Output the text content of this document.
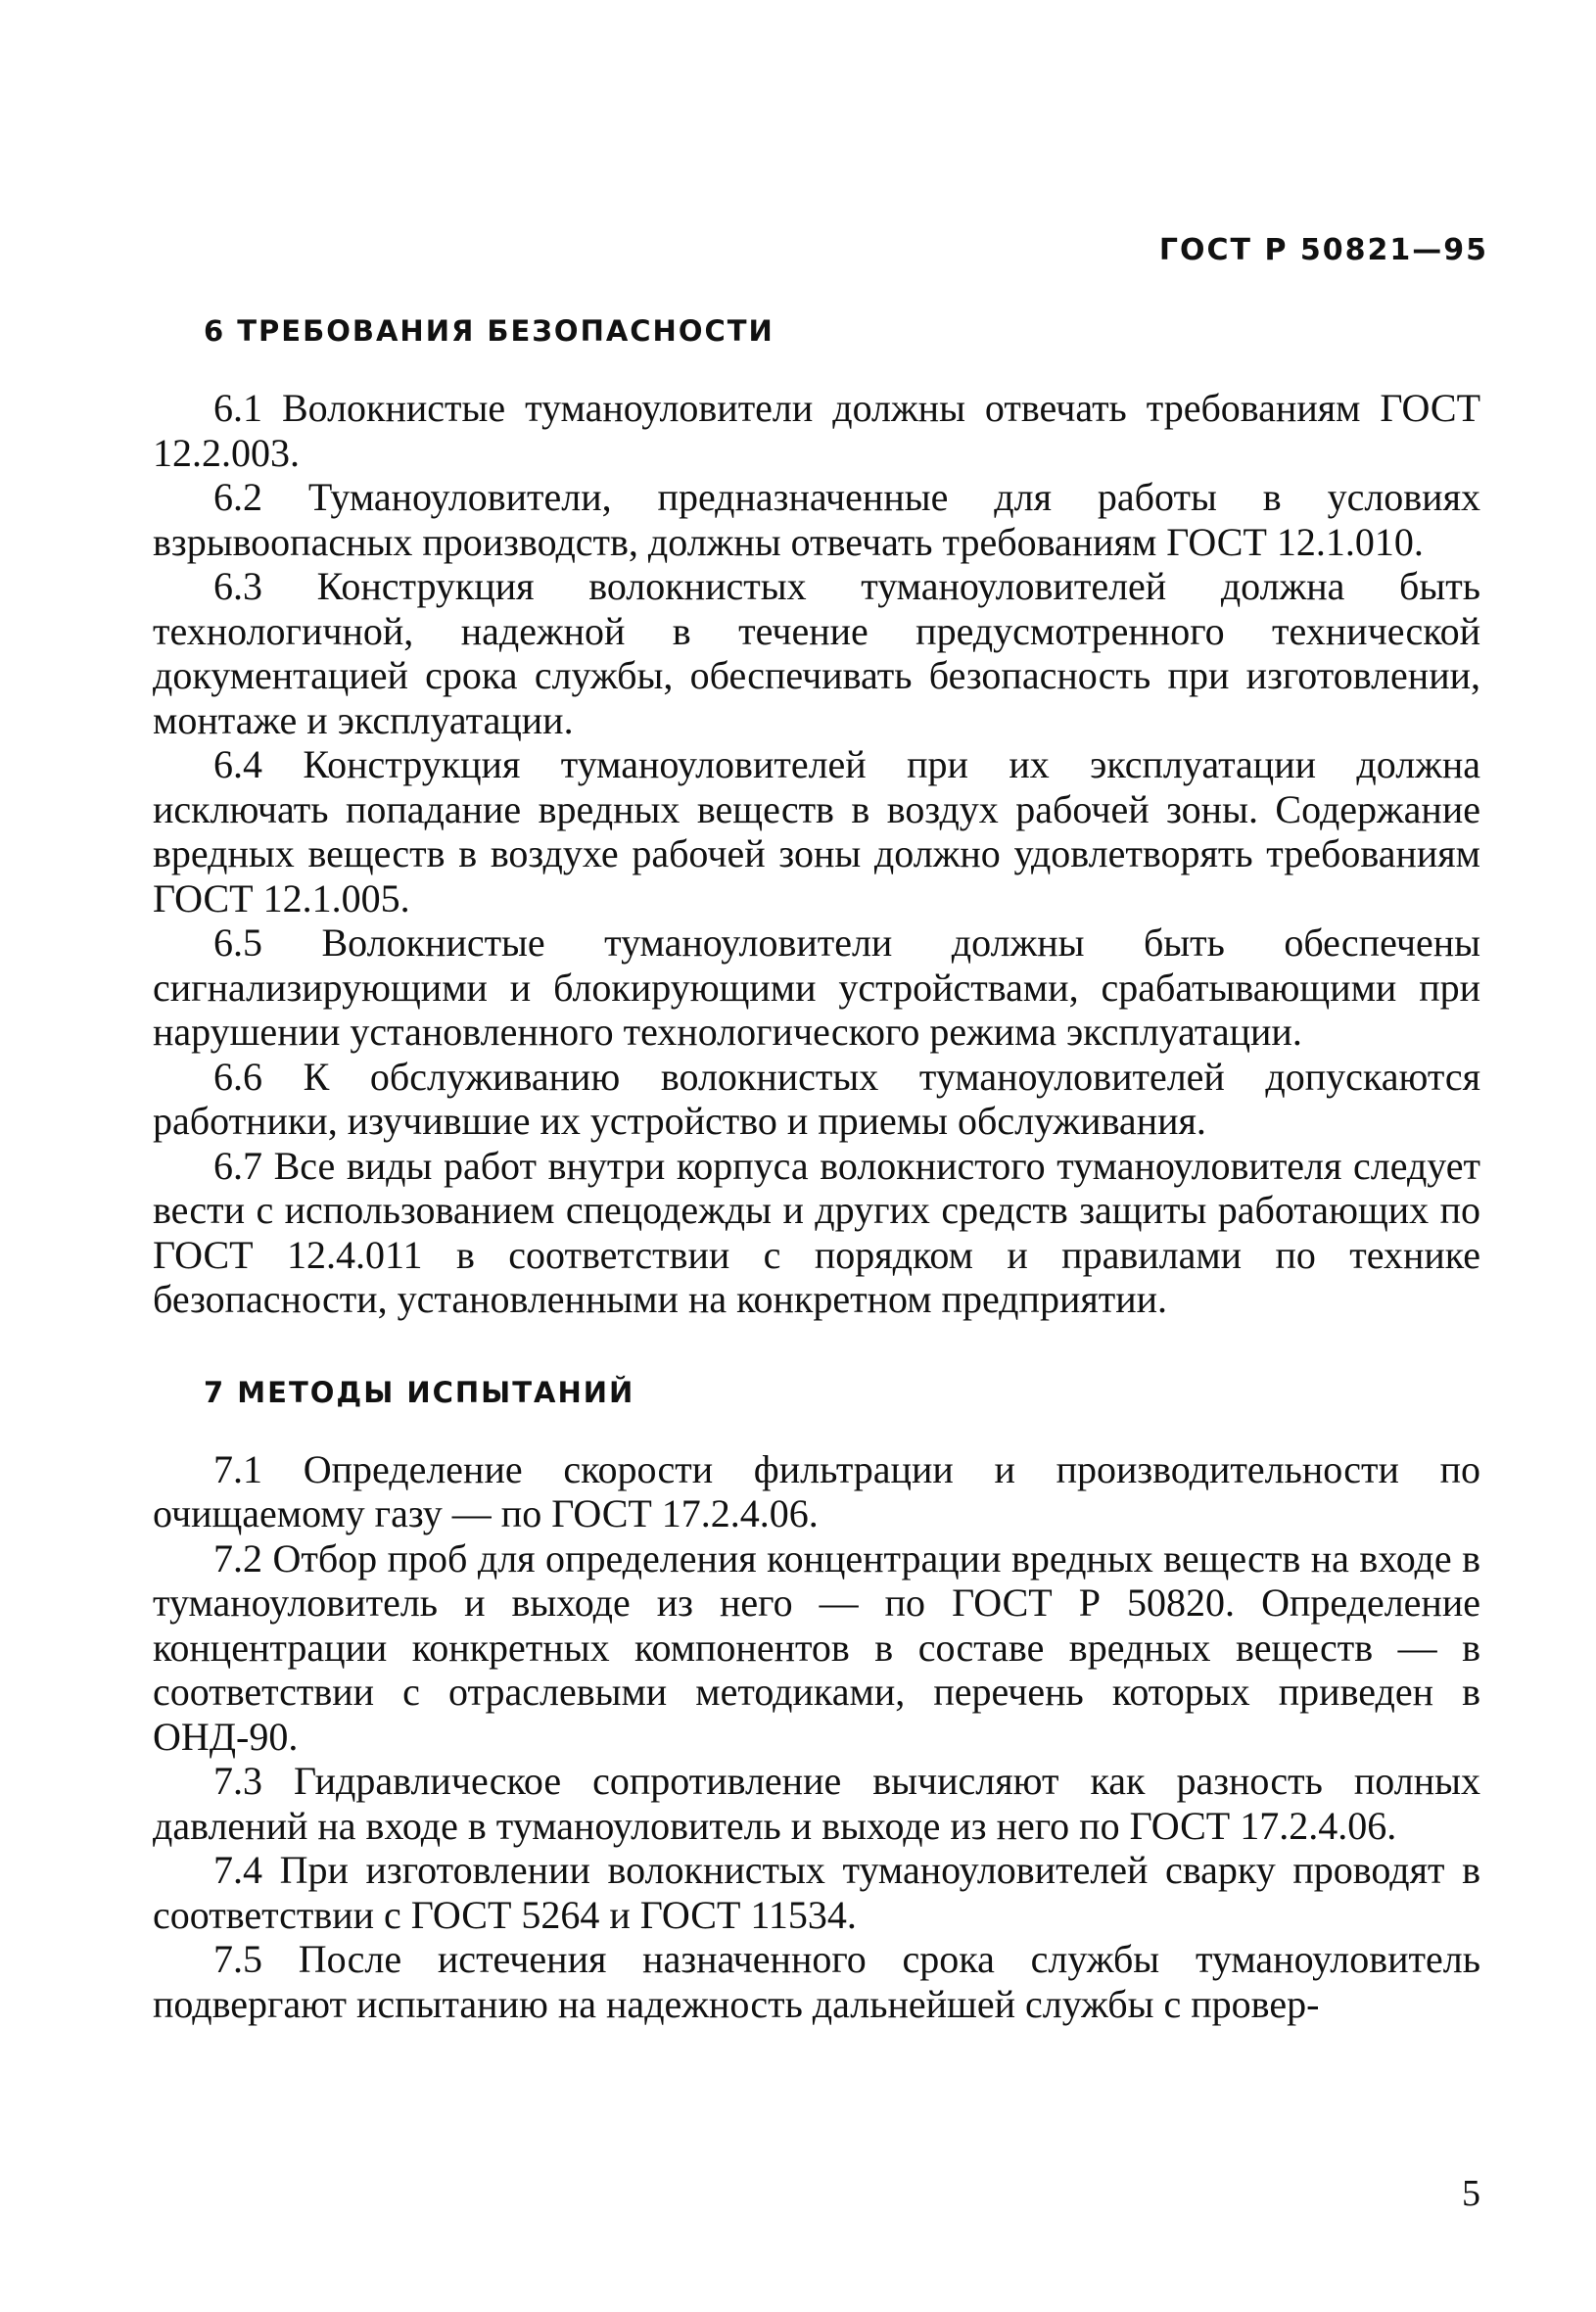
ГОСТ Р 50821—95
6 ТРЕБОВАНИЯ БЕЗОПАСНОСТИ

6.1 Волокнистые туманоуловители должны отвечать требованиям ГОСТ 12.2.003.

6.2 Туманоуловители, предназначенные для работы в условиях взрывоопасных производств, должны отвечать требованиям ГОСТ 12.1.010.

6.3 Конструкция волокнистых туманоуловителей должна быть технологичной, надежной в течение предусмотренного технической документацией срока службы, обеспечивать безопасность при изготовлении, монтаже и эксплуатации.

6.4 Конструкция туманоуловителей при их эксплуатации должна исключать попадание вредных веществ в воздух рабочей зоны. Содержание вредных веществ в воздухе рабочей зоны должно удовлетворять требованиям ГОСТ 12.1.005.

6.5 Волокнистые туманоуловители должны быть обеспечены сигнализирующими и блокирующими устройствами, срабатывающими при нарушении установленного технологического режима эксплуатации.

6.6 К обслуживанию волокнистых туманоуловителей допускаются работники, изучившие их устройство и приемы обслуживания.

6.7 Все виды работ внутри корпуса волокнистого туманоуловителя следует вести с использованием спецодежды и других средств защиты работающих по ГОСТ 12.4.011 в соответствии с порядком и правилами по технике безопасности, установленными на конкретном предприятии.

7 МЕТОДЫ ИСПЫТАНИЙ

7.1 Определение скорости фильтрации и производительности по очищаемому газу — по ГОСТ 17.2.4.06.

7.2 Отбор проб для определения концентрации вредных веществ на входе в туманоуловитель и выходе из него — по ГОСТ Р 50820. Определение концентрации конкретных компонентов в составе вредных веществ — в соответствии с отраслевыми методиками, перечень которых приведен в ОНД-90.

7.3 Гидравлическое сопротивление вычисляют как разность полных давлений на входе в туманоуловитель и выходе из него по ГОСТ 17.2.4.06.

7.4 При изготовлении волокнистых туманоуловителей сварку проводят в соответствии с ГОСТ 5264 и ГОСТ 11534.

7.5 После истечения назначенного срока службы туманоуловитель подвергают испытанию на надежность дальнейшей службы с провер-

5
